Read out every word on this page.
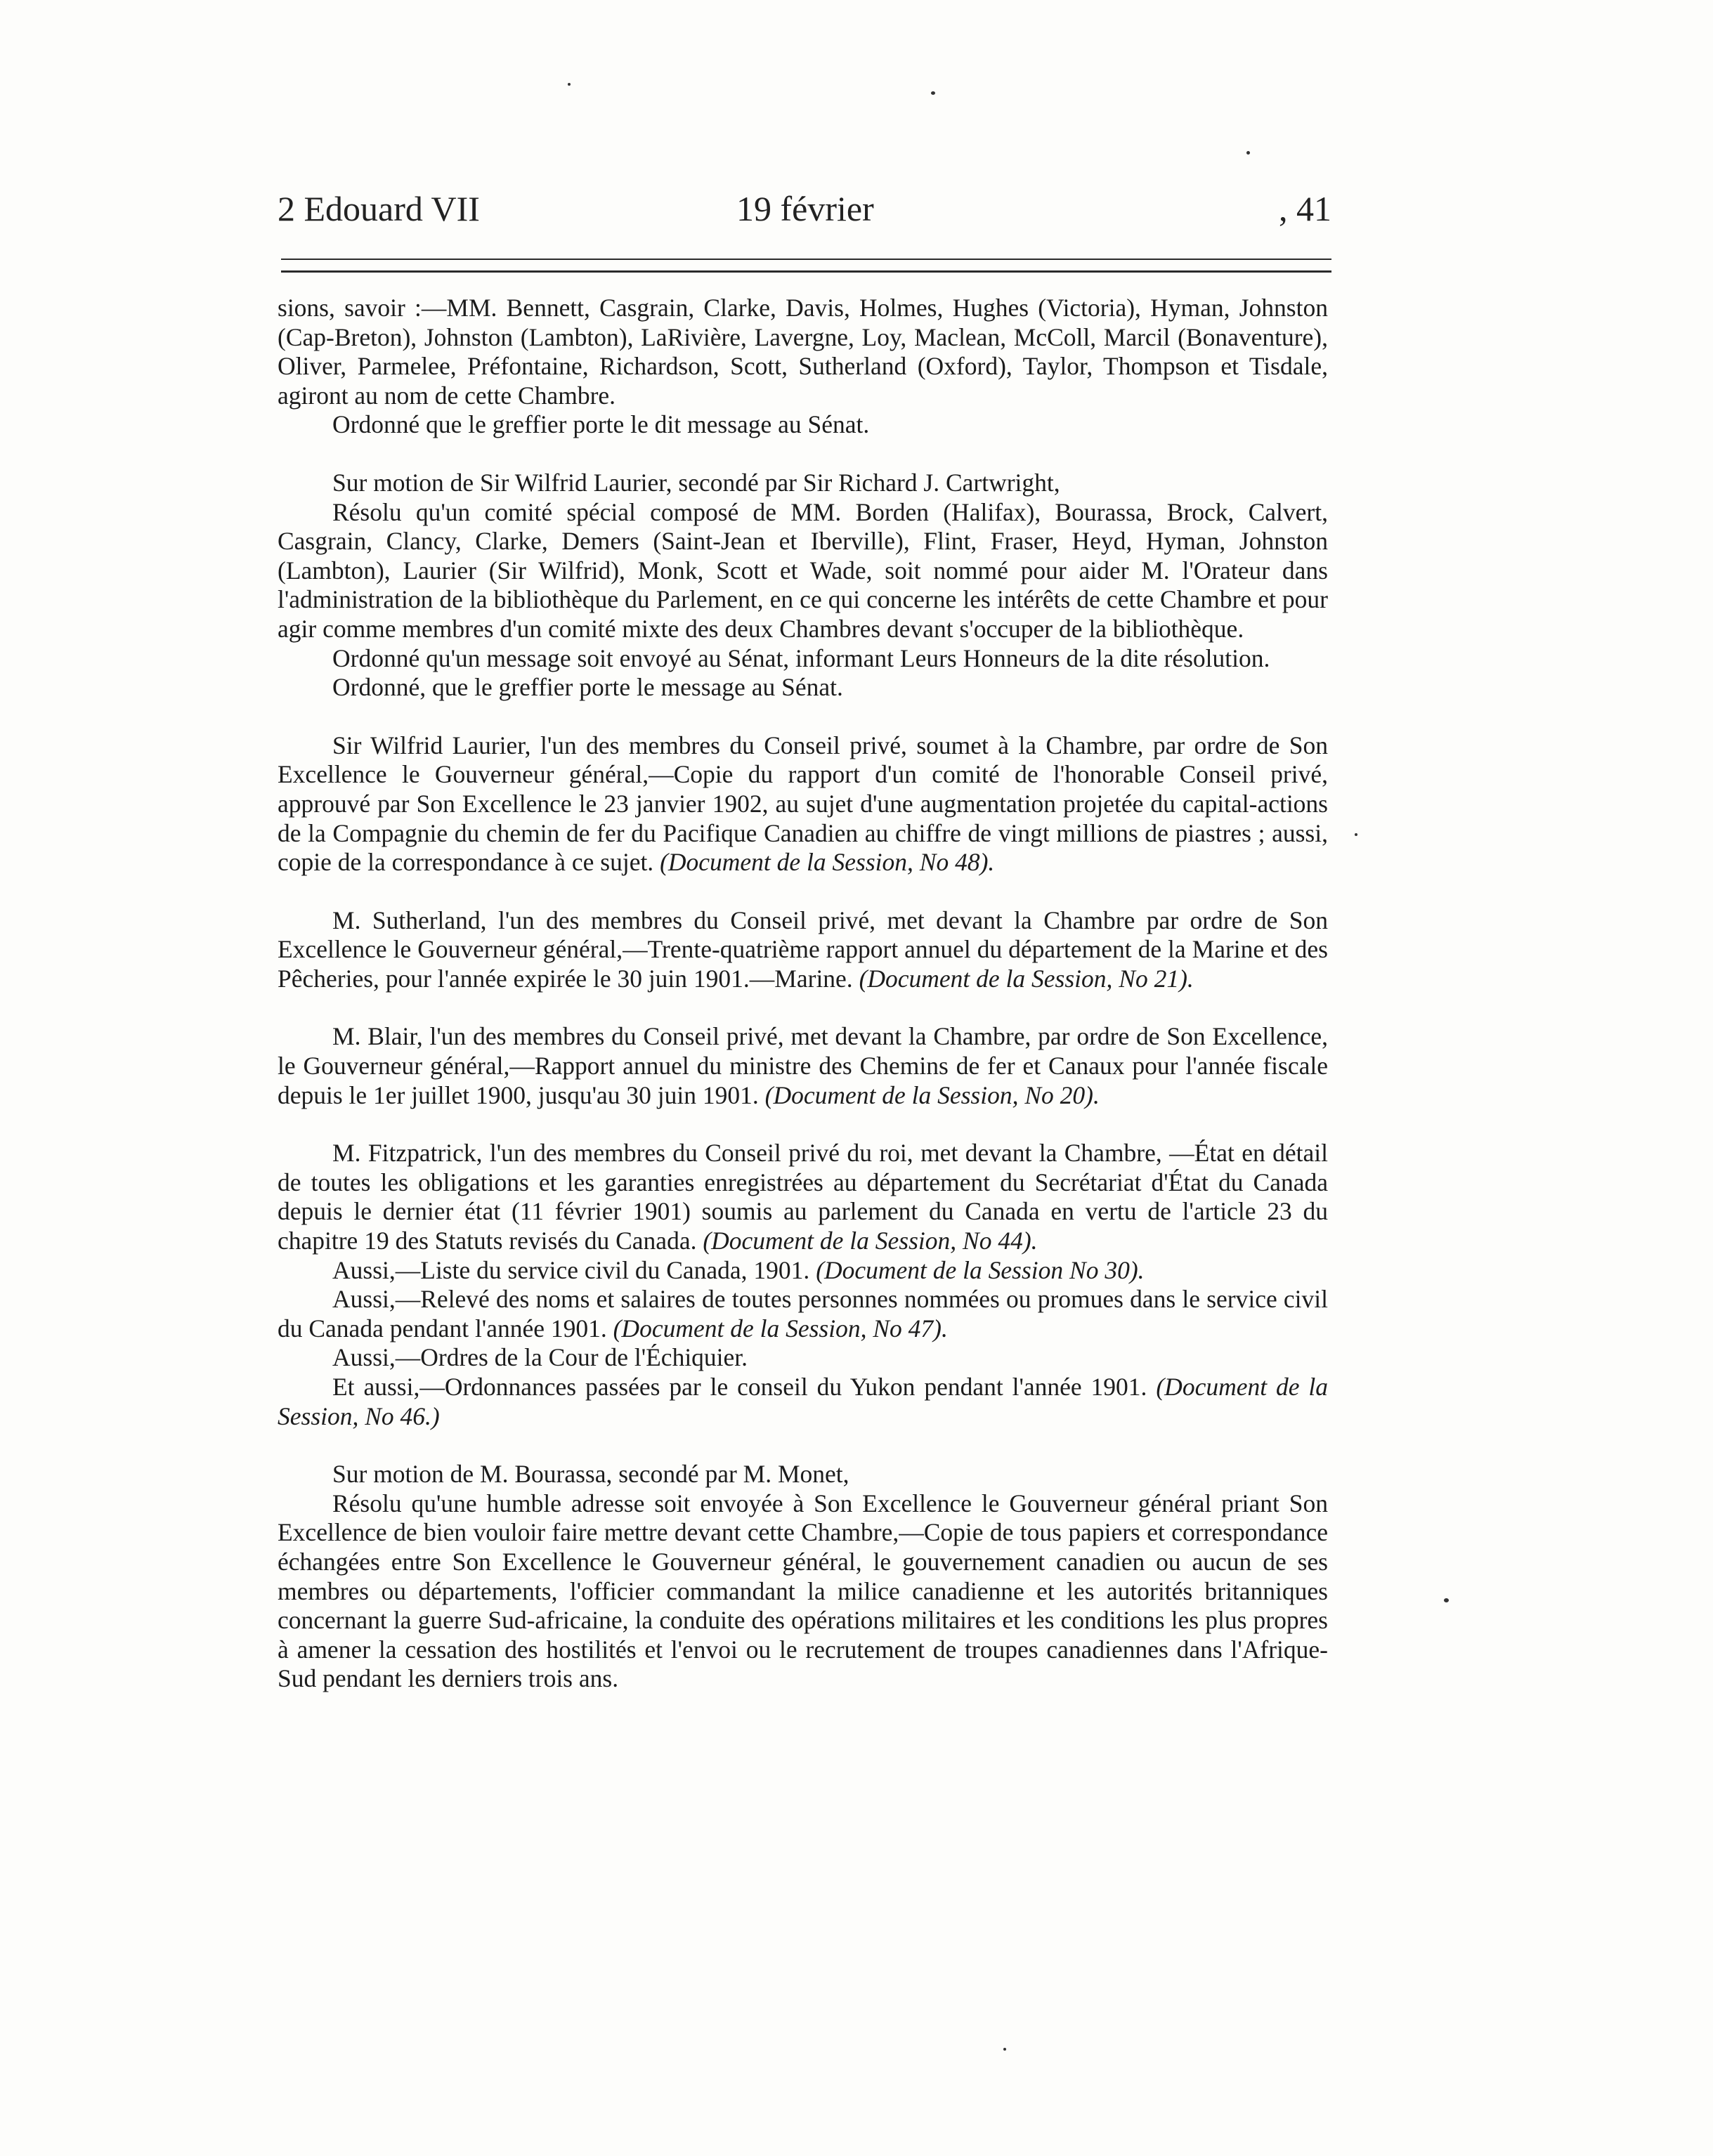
2 Edouard VII	19 février	, 41

sions, savoir :—MM. Bennett, Casgrain, Clarke, Davis, Holmes, Hughes (Victoria), Hyman, Johnston (Cap-Breton), Johnston (Lambton), LaRivière, Lavergne, Loy, Maclean, McColl, Marcil (Bonaventure), Oliver, Parmelee, Préfontaine, Richardson, Scott, Sutherland (Oxford), Taylor, Thompson et Tisdale, agiront au nom de cette Chambre.

Ordonné que le greffier porte le dit message au Sénat.

Sur motion de Sir Wilfrid Laurier, secondé par Sir Richard J. Cartwright,

Résolu qu'un comité spécial composé de MM. Borden (Halifax), Bourassa, Brock, Calvert, Casgrain, Clancy, Clarke, Demers (Saint-Jean et Iberville), Flint, Fraser, Heyd, Hyman, Johnston (Lambton), Laurier (Sir Wilfrid), Monk, Scott et Wade, soit nommé pour aider M. l'Orateur dans l'administration de la bibliothèque du Parlement, en ce qui concerne les intérêts de cette Chambre et pour agir comme membres d'un comité mixte des deux Chambres devant s'occuper de la bibliothèque.

Ordonné qu'un message soit envoyé au Sénat, informant Leurs Honneurs de la dite résolution.

Ordonné, que le greffier porte le message au Sénat.

Sir Wilfrid Laurier, l'un des membres du Conseil privé, soumet à la Chambre, par ordre de Son Excellence le Gouverneur général,—Copie du rapport d'un comité de l'honorable Conseil privé, approuvé par Son Excellence le 23 janvier 1902, au sujet d'une augmentation projetée du capital-actions de la Compagnie du chemin de fer du Pacifique Canadien au chiffre de vingt millions de piastres ; aussi, copie de la correspondance à ce sujet. (Document de la Session, No 48).

M. Sutherland, l'un des membres du Conseil privé, met devant la Chambre par ordre de Son Excellence le Gouverneur général,—Trente-quatrième rapport annuel du département de la Marine et des Pêcheries, pour l'année expirée le 30 juin 1901.—Marine. (Document de la Session, No 21).

M. Blair, l'un des membres du Conseil privé, met devant la Chambre, par ordre de Son Excellence, le Gouverneur général,—Rapport annuel du ministre des Chemins de fer et Canaux pour l'année fiscale depuis le 1er juillet 1900, jusqu'au 30 juin 1901. (Document de la Session, No 20).

M. Fitzpatrick, l'un des membres du Conseil privé du roi, met devant la Chambre, —État en détail de toutes les obligations et les garanties enregistrées au département du Secrétariat d'État du Canada depuis le dernier état (11 février 1901) soumis au parlement du Canada en vertu de l'article 23 du chapitre 19 des Statuts revisés du Canada. (Document de la Session, No 44).

Aussi,—Liste du service civil du Canada, 1901. (Document de la Session No 30).

Aussi,—Relevé des noms et salaires de toutes personnes nommées ou promues dans le service civil du Canada pendant l'année 1901. (Document de la Session, No 47).

Aussi,—Ordres de la Cour de l'Échiquier.

Et aussi,—Ordonnances passées par le conseil du Yukon pendant l'année 1901. (Document de la Session, No 46.)

Sur motion de M. Bourassa, secondé par M. Monet,

Résolu qu'une humble adresse soit envoyée à Son Excellence le Gouverneur général priant Son Excellence de bien vouloir faire mettre devant cette Chambre,—Copie de tous papiers et correspondance échangées entre Son Excellence le Gouverneur général, le gouvernement canadien ou aucun de ses membres ou départements, l'officier commandant la milice canadienne et les autorités britanniques concernant la guerre Sud-africaine, la conduite des opérations militaires et les conditions les plus propres à amener la cessation des hostilités et l'envoi ou le recrutement de troupes canadiennes dans l'Afrique-Sud pendant les derniers trois ans.
